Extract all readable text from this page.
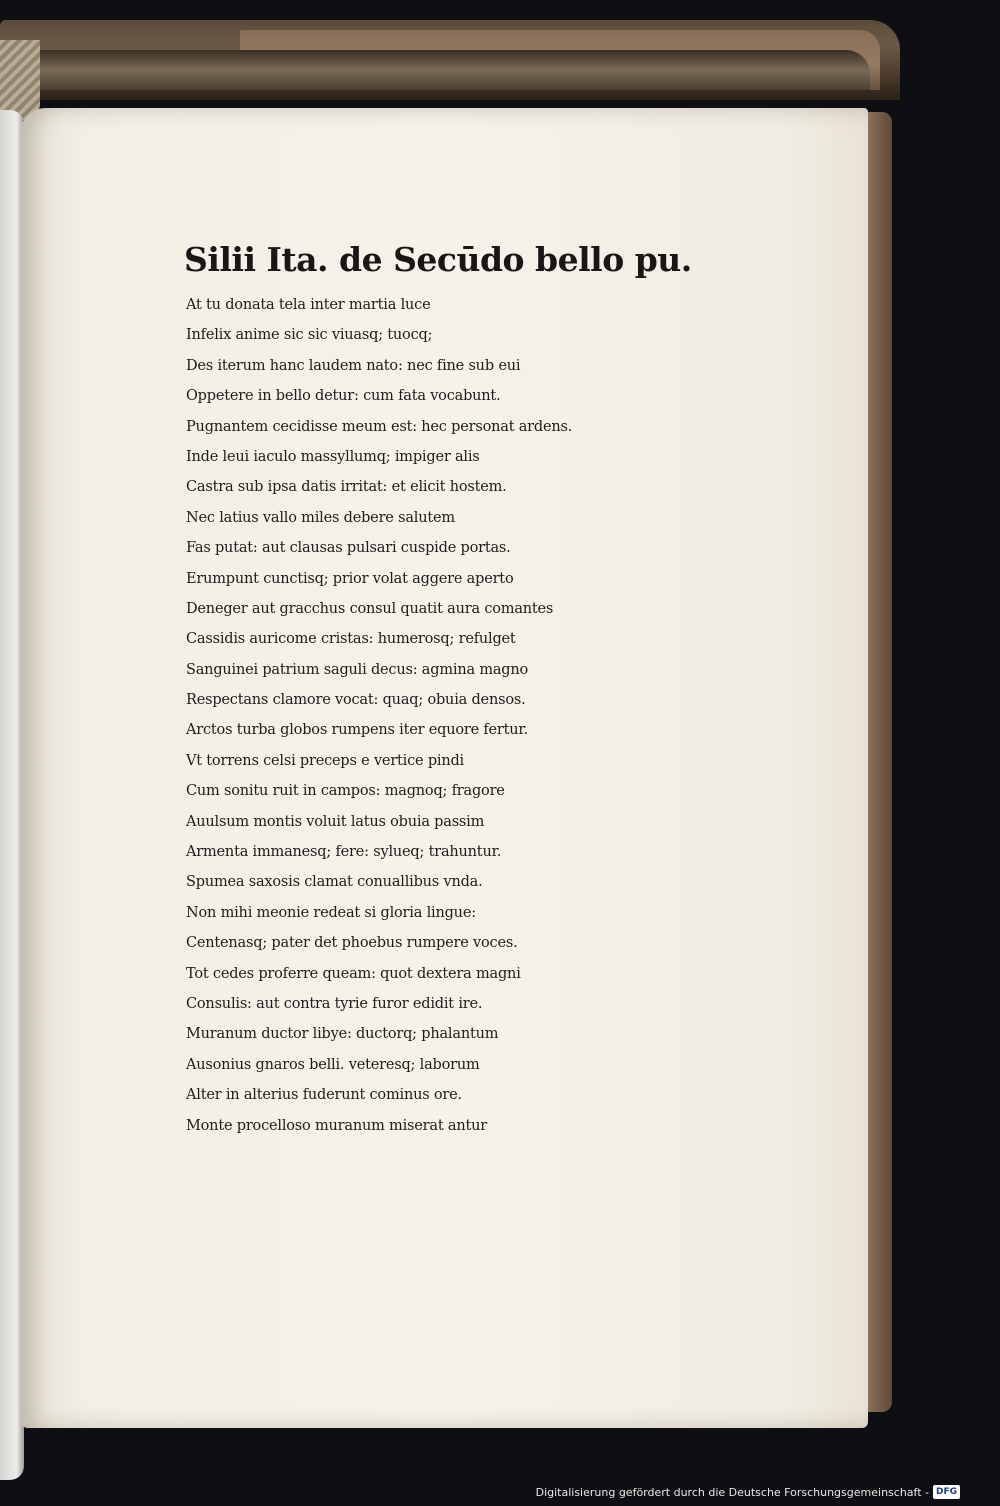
Silii Ita. de Secūdo bello pu.
At tu donata tela inter martia luce
Infelix anime sic sic viuasq; tuocq;
Des iterum hanc laudem nato: nec fine sub eui
Oppetere in bello detur: cum fata vocabunt.
Pugnantem cecidisse meum est: hec personat ardens.
Inde leui iaculo massyllumq; impiger alis
Castra sub ipsa datis irritat: et elicit hostem.
Nec latius vallo miles debere salutem
Fas putat: aut clausas pulsari cuspide portas.
Erumpunt cunctisq; prior volat aggere aperto
Deneger aut gracchus consul quatit aura comantes
Cassidis auricome cristas: humerosq; refulget
Sanguinei patrium saguli decus: agmina magno
Respectans clamore vocat: quaq; obuia densos.
Arctos turba globos rumpens iter equore fertur.
Vt torrens celsi preceps e vertice pindi
Cum sonitu ruit in campos: magnoq; fragore
Auulsum montis voluit latus obuia passim
Armenta immanesq; fere: sylueq; trahuntur.
Spumea saxosis clamat conuallibus vnda.
Non mihi meonie redeat si gloria lingue:
Centenasq; pater det phoebus rumpere voces.
Tot cedes proferre queam: quot dextera magni
Consulis: aut contra tyrie furor edidit ire.
Muranum ductor libye: ductorq; phalantum
Ausonius gnaros belli. veteresq; laborum
Alter in alterius fuderunt cominus ore.
Monte procelloso muranum miserat antur
Digitalisierung gefördert durch die Deutsche Forschungsgemeinschaft - DFG
